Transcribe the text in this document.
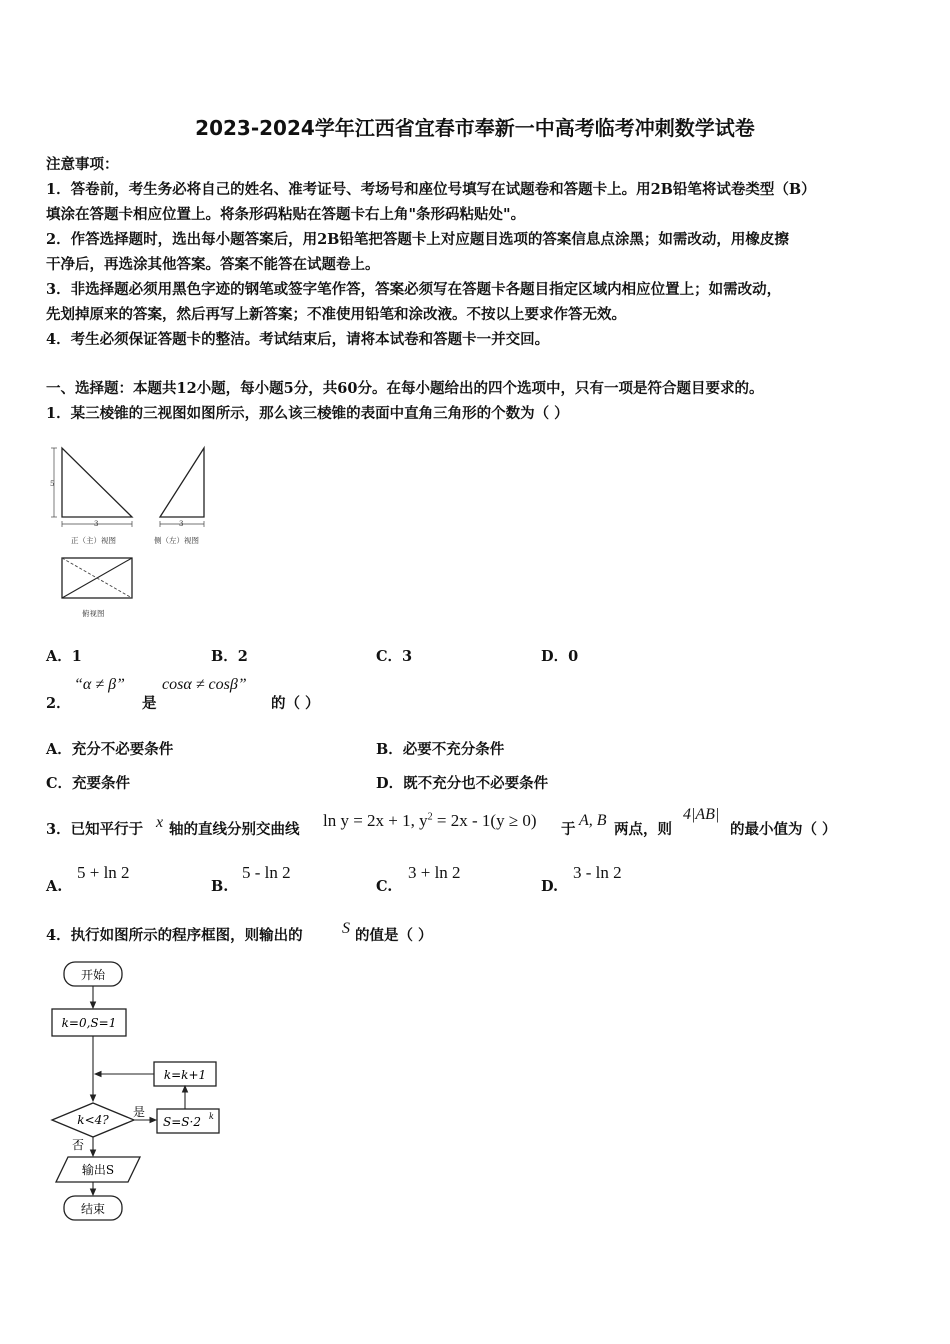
2023-2024学年江西省宜春市奉新一中高考临考冲刺数学试卷
注意事项：
1．答卷前，考生务必将自己的姓名、准考证号、考场号和座位号填写在试题卷和答题卡上。用2B铅笔将试卷类型（B）
填涂在答题卡相应位置上。将条形码粘贴在答题卡右上角"条形码粘贴处"。
2．作答选择题时，选出每小题答案后，用2B铅笔把答题卡上对应题目选项的答案信息点涂黑；如需改动，用橡皮擦
干净后，再选涂其他答案。答案不能答在试题卷上。
3．非选择题必须用黑色字迹的钢笔或签字笔作答，答案必须写在答题卡各题目指定区域内相应位置上；如需改动，
先划掉原来的答案，然后再写上新答案；不准使用铅笔和涂改液。不按以上要求作答无效。
4．考生必须保证答题卡的整洁。考试结束后，请将本试卷和答题卡一并交回。
一、选择题：本题共12小题，每小题5分，共60分。在每小题给出的四个选项中，只有一项是符合题目要求的。
1．某三棱锥的三视图如图所示，那么该三棱锥的表面中直角三角形的个数为（ ）
5
3
正（主）视图
3
侧（左）视图
俯视图
A．1	B．2	C．3	D．0
2．
“α ≠ β”
是
cosα ≠ cosβ”
的（ ）
A．充分不必要条件	B．必要不充分条件
C．充要条件	D．既不充分也不必要条件
3．已知平行于 x 轴的直线分别交曲线 ln y = 2x + 1, $y^2 = 2x - 1(y \ge 0)$ 于
A, B
两点，则
4|AB|
的最小值为（ ）
A.
5 + ln 2
B.
5 - ln 2
C.
3 + ln 2
D.
3 - ln 2
4．执行如图所示的程序框图，则输出的 S 的值是（ ）
开始
k=0,S=1
k=k+1
k<4?
是
S=S·2 k
否
输出S
结束
